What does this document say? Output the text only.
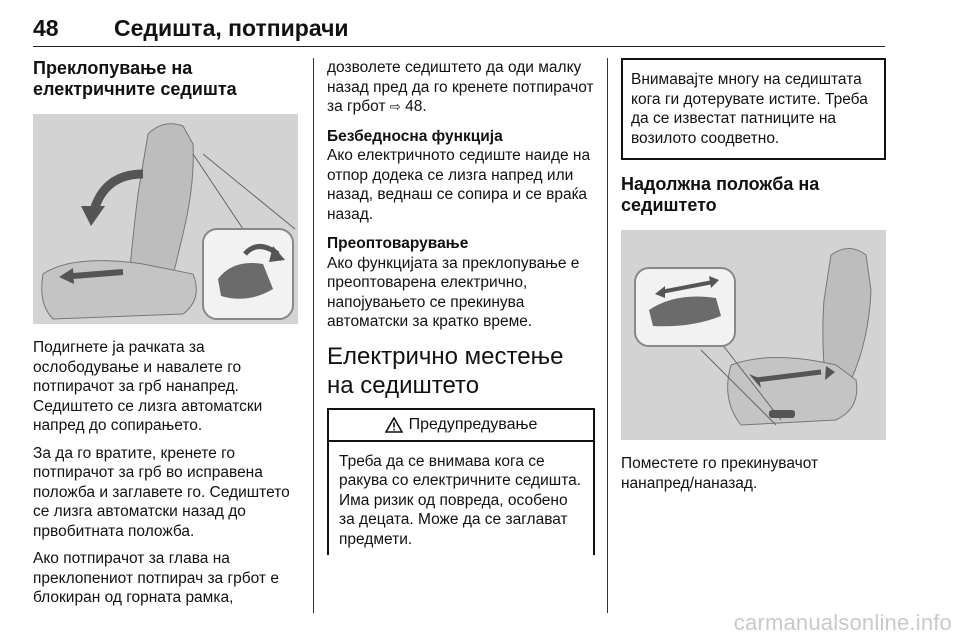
48 Седишта, потпирачи
Преклопување на електричните седишта

Подигнете ја рачката за ослободување и навалете го потпирачот за грб нанапред. Седиштето се лизга автоматски напред до сопирањето.

За да го вратите, кренете го потпирачот за грб во исправена положба и заглавете го. Седиштето се лизга автоматски назад до првобитната положба.

Ако потпирачот за глава на преклопениот потпирач за грбот е блокиран од горната рамка,

дозволете седиштето да оди малку назад пред да го кренете потпирачот за грбот ⇨ 48.

Безбедносна функција
Ако електричното седиште наиде на отпор додека се лизга напред или назад, веднаш се сопира и се враќа назад.

Преоптоварување
Ако функцијата за преклопување е преоптоварена електрично, напојувањето се прекинува автоматски за кратко време.

Електрично местење на седиштето
Предупредување
Треба да се внимава кога се ракува со електричните седишта. Има ризик од повреда, особено за децата. Може да се заглават предмети.
Внимавајте многу на седиштата кога ги дотерувате истите. Треба да се известат патниците на возилото соодветно.
Надолжна положба на седиштето

Поместете го прекинувачот нанапред/наназад.

carmanualsonline.info
